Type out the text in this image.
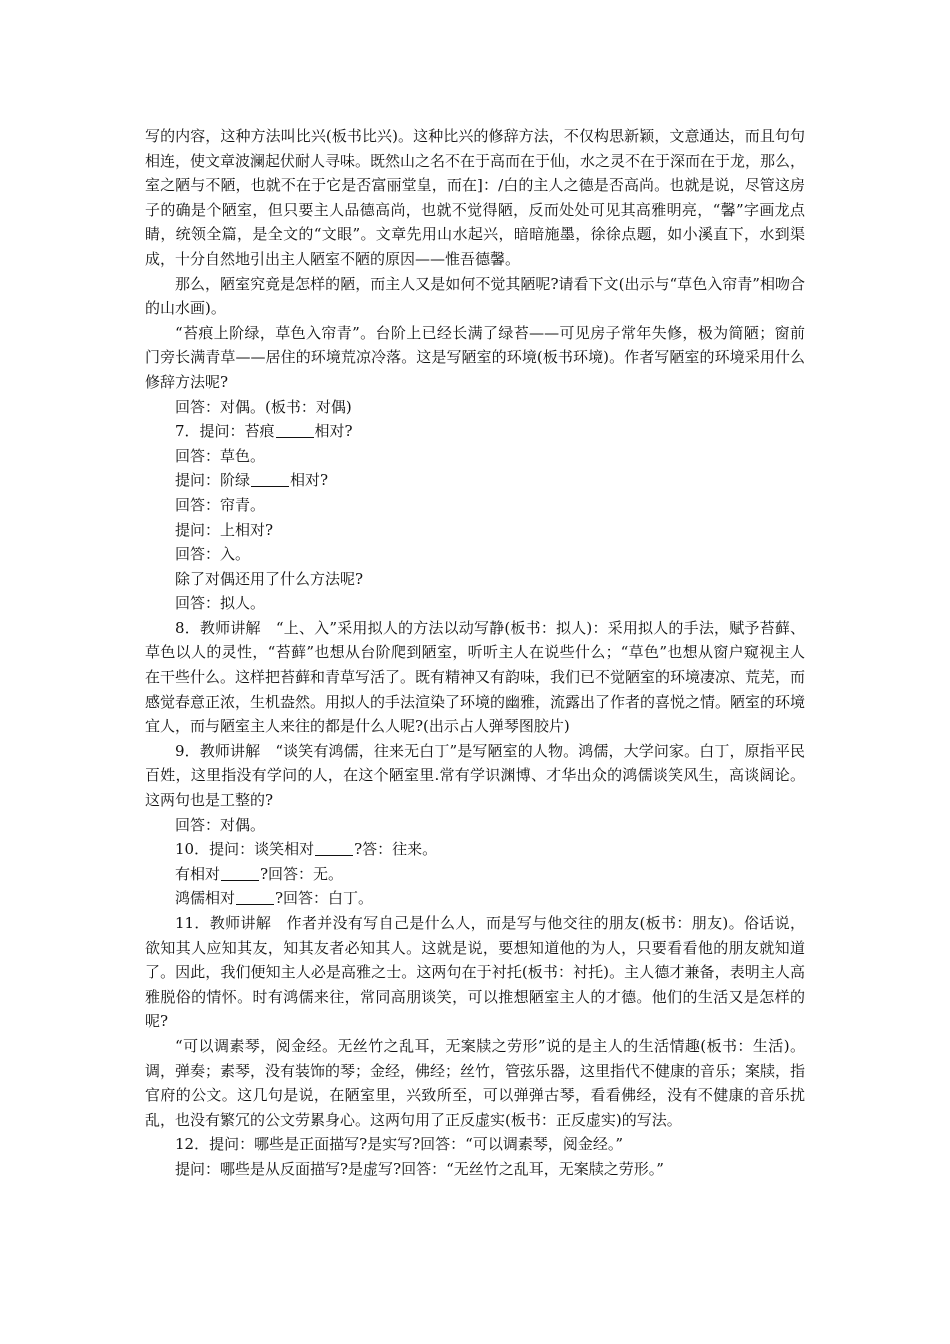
写的内容，这种方法叫比兴(板书比兴)。这种比兴的修辞方法，不仅构思新颖，文意通达，而且句句相连，使文章波澜起伏耐人寻味。既然山之名不在于高而在于仙，水之灵不在于深而在于龙，那么，室之陋与不陋，也就不在于它是否富丽堂皇，而在]：/白的主人之德是否高尚。也就是说，尽管这房子的确是个陋室，但只要主人品德高尚，也就不觉得陋，反而处处可见其高雅明亮，“馨”字画龙点睛，统领全篇，是全文的“文眼”。文章先用山水起兴，暗暗施墨，徐徐点题，如小溪直下，水到渠成，十分自然地引出主人陋室不陋的原因——惟吾德馨。

那么，陋室究竟是怎样的陋，而主人又是如何不觉其陋呢?请看下文(出示与“草色入帘青”相吻合的山水画)。

“苔痕上阶绿，草色入帘青”。台阶上已经长满了绿苔——可见房子常年失修，极为简陋；窗前门旁长满青草——居住的环境荒凉冷落。这是写陋室的环境(板书环境)。作者写陋室的环境采用什么修辞方法呢?

回答：对偶。(板书：对偶)

7．提问：苔痕	相对?

回答：草色。

提问：阶绿	相对?

回答：帘青。

提问：上相对?

回答：入。

除了对偶还用了什么方法呢?

回答：拟人。

8．教师讲解　“上、入”采用拟人的方法以动写静(板书：拟人)：采用拟人的手法，赋予苔藓、草色以人的灵性，“苔藓”也想从台阶爬到陋室，听听主人在说些什么；“草色”也想从窗户窥视主人在干些什么。这样把苔藓和青草写活了。既有精神又有韵味，我们已不觉陋室的环境凄凉、荒芜，而感觉春意正浓，生机盎然。用拟人的手法渲染了环境的幽雅，流露出了作者的喜悦之情。陋室的环境宜人，而与陋室主人来往的都是什么人呢?(出示占人弹琴图胶片)

9．教师讲解　“谈笑有鸿儒，往来无白丁”是写陋室的人物。鸿儒，大学问家。白丁，原指平民百姓，这里指没有学问的人，在这个陋室里.常有学识渊博、才华出众的鸿儒谈笑风生，高谈阔论。这两句也是工整的?

回答：对偶。

10．提问：谈笑相对	?答：往来。

有相对	?回答：无。

鸿儒相对	?回答：白丁。

11．教师讲解　作者并没有写自己是什么人，而是写与他交往的朋友(板书：朋友)。俗话说，欲知其人应知其友，知其友者必知其人。这就是说，要想知道他的为人，只要看看他的朋友就知道了。因此，我们便知主人必是高雅之士。这两句在于衬托(板书：衬托)。主人德才兼备，表明主人高雅脱俗的情怀。时有鸿儒来往，常同高朋谈笑，可以推想陋室主人的才德。他们的生活又是怎样的呢?

“可以调素琴，阅金经。无丝竹之乱耳，无案牍之劳形”说的是主人的生活情趣(板书：生活)。调，弹奏；素琴，没有装饰的琴；金经，佛经；丝竹，管弦乐器，这里指代不健康的音乐；案牍，指官府的公文。这几句是说，在陋室里，兴致所至，可以弹弹古琴，看看佛经，没有不健康的音乐扰乱，也没有繁冗的公文劳累身心。这两句用了正反虚实(板书：正反虚实)的写法。

12．提问：哪些是正面描写?是实写?回答：“可以调素琴，阅金经。”

提问：哪些是从反面描写?是虚写?回答：“无丝竹之乱耳，无案牍之劳形。”
